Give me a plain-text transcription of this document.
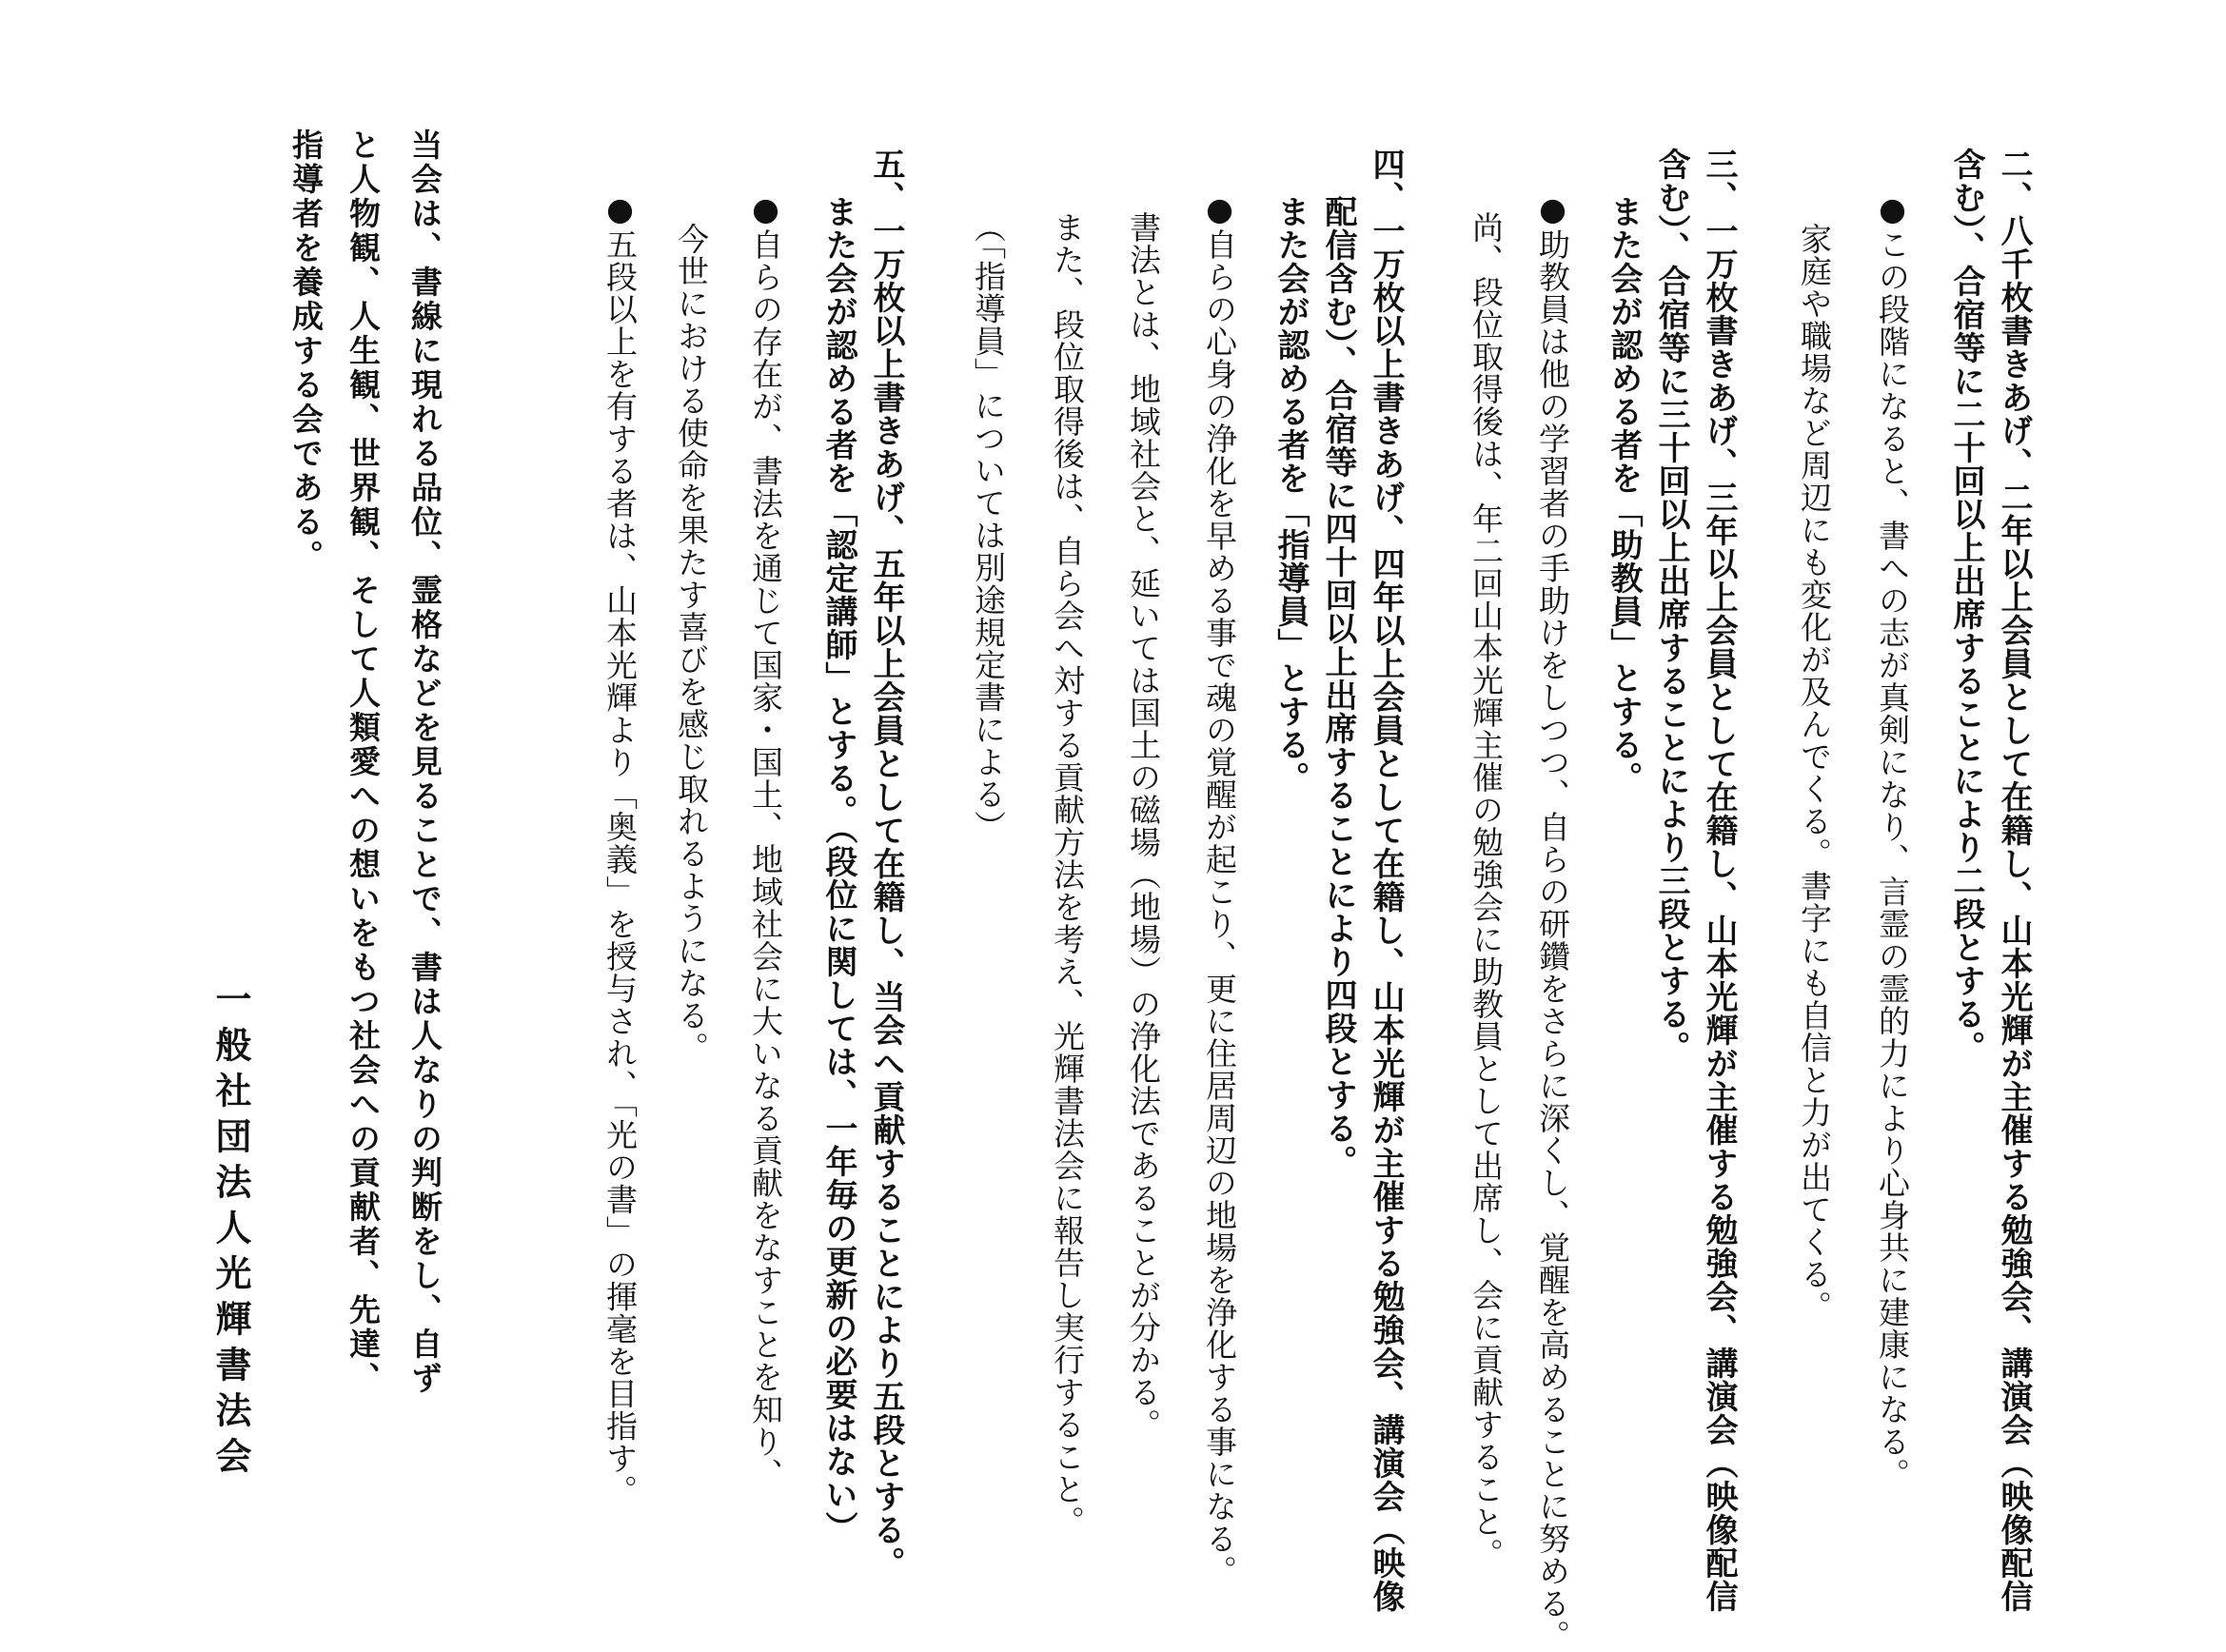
二、八千枚書きあげ、二年以上会員として在籍し、山本光輝が主催する勉強会、講演会（映像配信
含む）、合宿等に二十回以上出席することにより二段とする。
●この段階になると、書への志が真剣になり、言霊の霊的力により心身共に建康になる。
　家庭や職場など周辺にも変化が及んでくる。書字にも自信と力が出てくる。
三、一万枚書きあげ、三年以上会員として在籍し、山本光輝が主催する勉強会、講演会（映像配信
含む）、合宿等に三十回以上出席することにより三段とする。
また会が認める者を「助教員」とする。
●助教員は他の学習者の手助けをしつつ、自らの研鑽をさらに深くし、覚醒を高めることに努める。
尚、段位取得後は、年二回山本光輝主催の勉強会に助教員として出席し、会に貢献すること。
四、一万枚以上書きあげ、四年以上会員として在籍し、山本光輝が主催する勉強会、講演会（映像
配信含む）、合宿等に四十回以上出席することにより四段とする。
また会が認める者を「指導員」とする。
●自らの心身の浄化を早める事で魂の覚醒が起こり、更に住居周辺の地場を浄化する事になる。
書法とは、地域社会と、延いては国土の磁場（地場）の浄化法であることが分かる。
また、段位取得後は、自ら会へ対する貢献方法を考え、光輝書法会に報告し実行すること。
（「指導員」については別途規定書による）
五、一万枚以上書きあげ、五年以上会員として在籍し、当会へ貢献することにより五段とする。
また会が認める者を「認定講師」とする。（段位に関しては、一年毎の更新の必要はない）
●自らの存在が、書法を通じて国家・国土、地域社会に大いなる貢献をなすことを知り、
　今世における使命を果たす喜びを感じ取れるようになる。
●五段以上を有する者は、山本光輝より「奥義」を授与され、「光の書」の揮毫を目指す。
当会は、書線に現れる品位、霊格などを見ることで、書は人なりの判断をし、自ず
と人物観、人生観、世界観、そして人類愛への想いをもつ社会への貢献者、先達、
指導者を養成する会である。
一般社団法人光輝書法会
